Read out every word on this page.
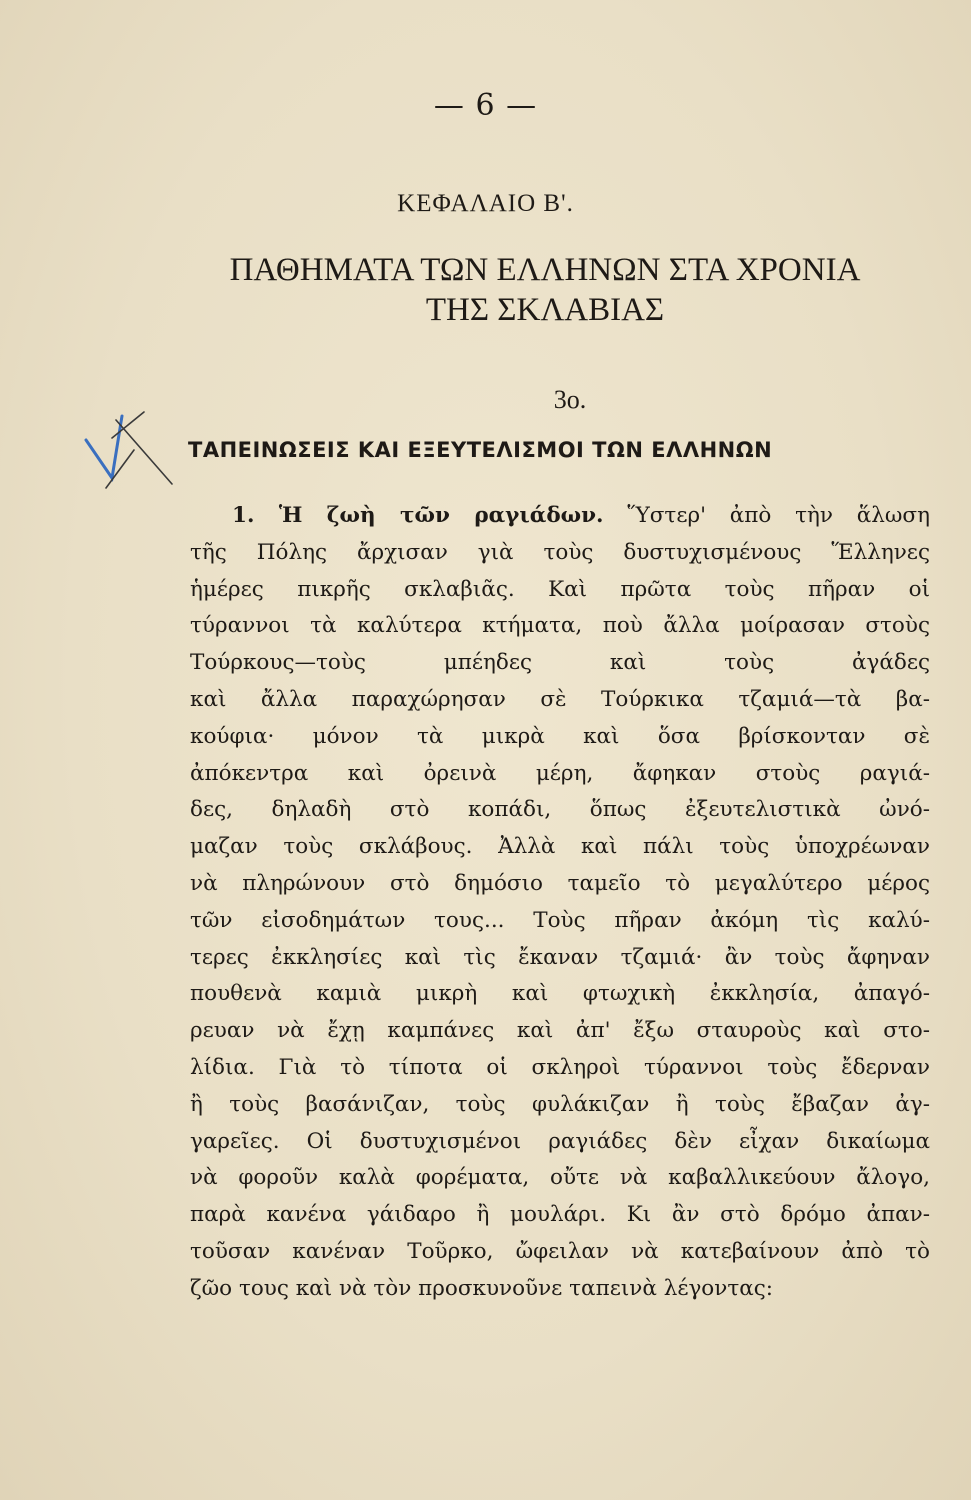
— 6 —
ΚΕΦΑΛΑΙΟ Β'.
ΠΑΘΗΜΑΤΑ ΤΩΝ ΕΛΛΗΝΩΝ ΣΤΑ ΧΡΟΝΙΑ
ΤΗΣ ΣΚΛΑΒΙΑΣ
3ο.
ΤΑΠΕΙΝΩΣΕΙΣ ΚΑΙ ΕΞΕΥΤΕΛΙΣΜΟΙ ΤΩΝ ΕΛΛΗΝΩΝ
1. Ἡ ζωὴ τῶν ραγιάδων. Ὕστερ' ἀπὸ τὴν ἅλωση
τῆς Πόλης ἄρχισαν γιὰ τοὺς δυστυχισμένους Ἕλληνες
ἡμέρες πικρῆς σκλαβιᾶς. Καὶ πρῶτα τοὺς πῆραν οἱ
τύραννοι τὰ καλύτερα κτήματα, ποὺ ἄλλα μοίρασαν στοὺς
Τούρκους—τοὺς μπέηδες καὶ τοὺς ἀγάδες
καὶ ἄλλα παραχώρησαν σὲ Τούρκικα τζαμιά—τὰ βα-
κούφια· μόνον τὰ μικρὰ καὶ ὅσα βρίσκονταν σὲ
ἀπόκεντρα καὶ ὀρεινὰ μέρη, ἄφηκαν στοὺς ραγιά-
δες, δηλαδὴ στὸ κοπάδι, ὅπως ἐξευτελιστικὰ ὠνό-
μαζαν τοὺς σκλάβους. Ἀλλὰ καὶ πάλι τοὺς ὑποχρέωναν
νὰ πληρώνουν στὸ δημόσιο ταμεῖο τὸ μεγαλύτερο μέρος
τῶν εἰσοδημάτων τους... Τοὺς πῆραν ἀκόμη τὶς καλύ-
τερες ἐκκλησίες καὶ τὶς ἔκαναν τζαμιά· ἂν τοὺς ἄφηναν
πουθενὰ καμιὰ μικρὴ καὶ φτωχικὴ ἐκκλησία, ἀπαγό-
ρευαν νὰ ἔχῃ καμπάνες καὶ ἀπ' ἔξω σταυροὺς καὶ στο-
λίδια. Γιὰ τὸ τίποτα οἱ σκληροὶ τύραννοι τοὺς ἔδερναν
ἢ τοὺς βασάνιζαν, τοὺς φυλάκιζαν ἢ τοὺς ἔβαζαν ἀγ-
γαρεῖες. Οἱ δυστυχισμένοι ραγιάδες δὲν εἶχαν δικαίωμα
νὰ φοροῦν καλὰ φορέματα, οὔτε νὰ καβαλλικεύουν ἄλογο,
παρὰ κανένα γάιδαρο ἢ μουλάρι. Κι ἂν στὸ δρόμο ἀπαν-
τοῦσαν κανέναν Τοῦρκο, ὤφειλαν νὰ κατεβαίνουν ἀπὸ τὸ
ζῶο τους καὶ νὰ τὸν προσκυνοῦνε ταπεινὰ λέγοντας:
